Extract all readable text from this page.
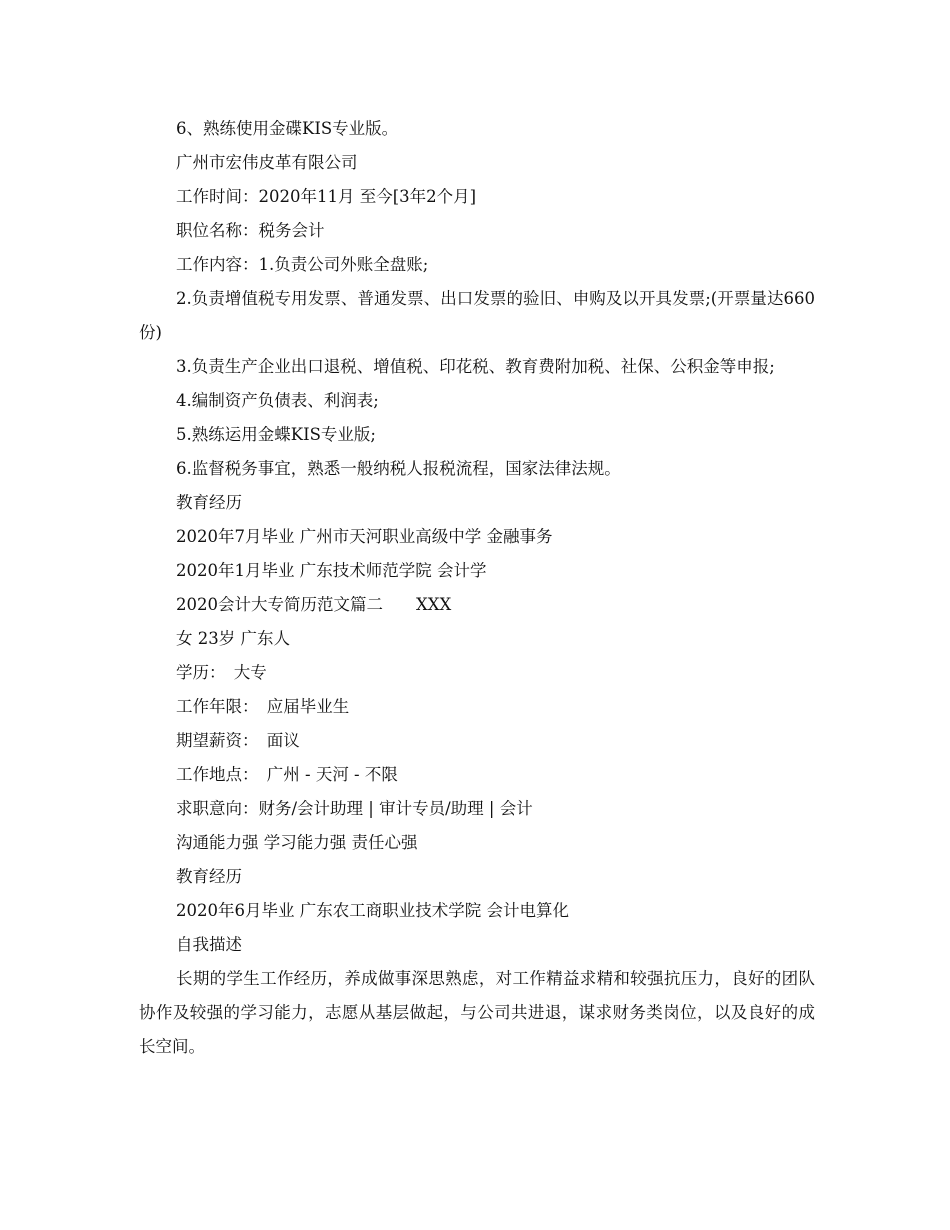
6、熟练使用金碟KIS专业版。
广州市宏伟皮革有限公司
工作时间：2020年11月 至今[3年2个月]
职位名称：税务会计
工作内容：1.负责公司外账全盘账;

2.负责增值税专用发票、普通发票、出口发票的验旧、申购及以开具发票;(开票量达660份)

3.负责生产企业出口退税、增值税、印花税、教育费附加税、社保、公积金等申报;

4.编制资产负债表、利润表;
5.熟练运用金蝶KIS专业版;
6.监督税务事宜，熟悉一般纳税人报税流程，国家法律法规。
教育经历
2020年7月毕业 广州市天河职业高级中学 金融事务
2020年1月毕业 广东技术师范学院 会计学
2020会计大专简历范文篇二　　XXX
女 23岁 广东人
学历：　大专
工作年限：　应届毕业生
期望薪资：　面议
工作地点：　广州 - 天河 - 不限
求职意向：财务/会计助理 | 审计专员/助理 | 会计
沟通能力强 学习能力强 责任心强
教育经历
2020年6月毕业 广东农工商职业技术学院 会计电算化
自我描述

长期的学生工作经历，养成做事深思熟虑，对工作精益求精和较强抗压力，良好的团队协作及较强的学习能力，志愿从基层做起，与公司共进退，谋求财务类岗位，以及良好的成长空间。
